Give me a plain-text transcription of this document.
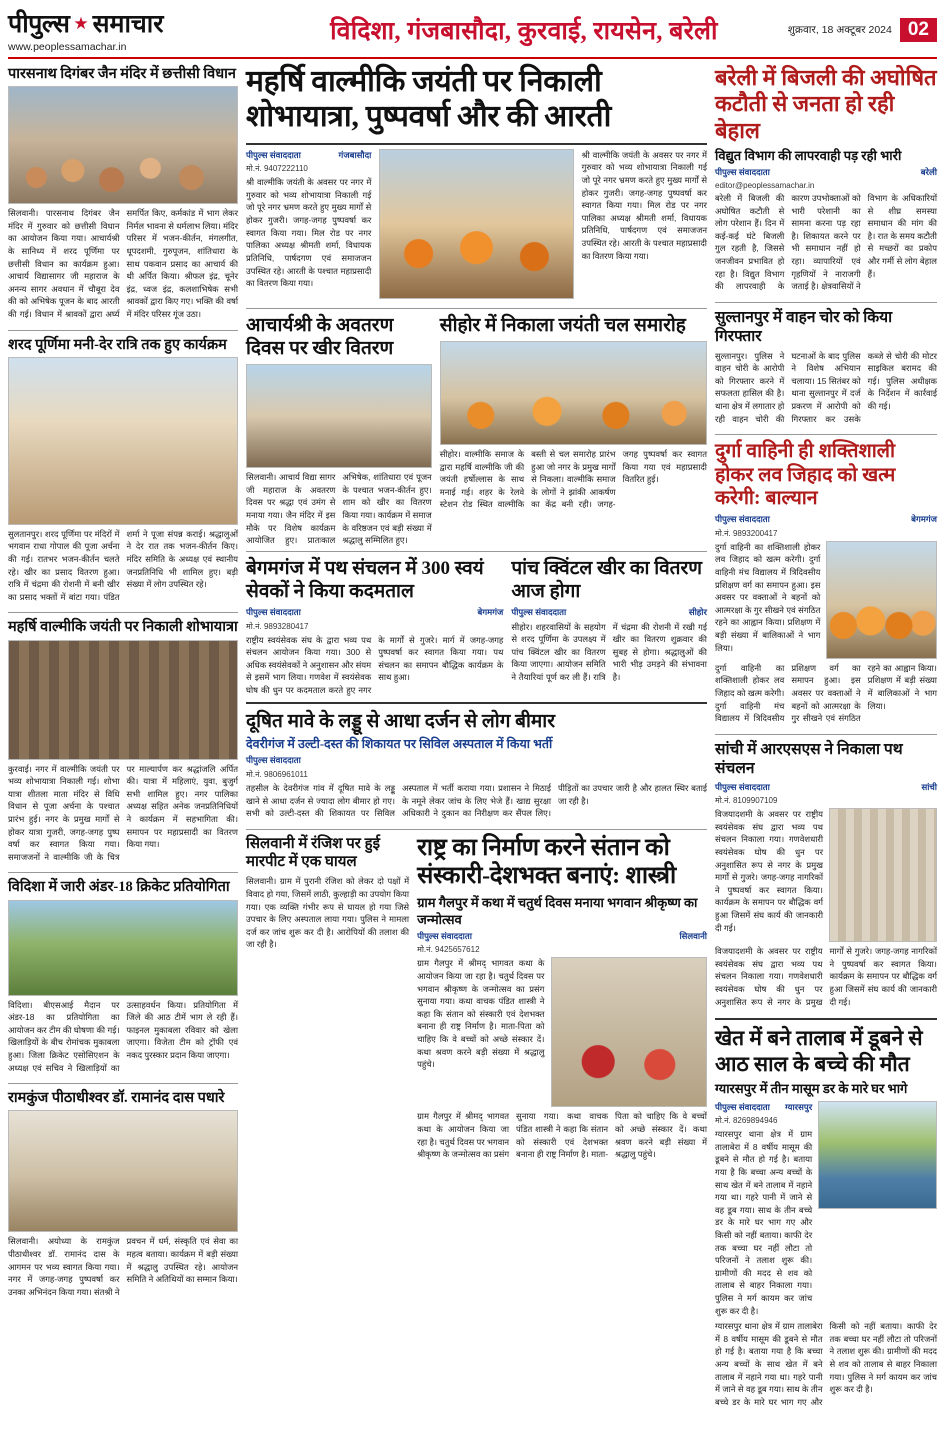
पीपुल्स ★ समाचार
www.peoplessamachar.in
विदिशा, गंजबासौदा, कुरवाई, रायसेन, बरेली	शुक्रवार, 18 अक्टूबर 2024 02
पारसनाथ दिगंबर जैन मंदिर में छत्तीसी विधान
सिलवानी। पारसनाथ दिगंबर जैन मंदिर में गुरुवार को छत्तीसी विधान का आयोजन किया गया। आचार्यश्री के सानिध्य में शरद पूर्णिमा पर छत्तीसी विधान का कार्यक्रम हुआ। आचार्य विद्यासागर जी महाराज के अनन्य सागर अवधान में चौबूरा देव की को अभिषेक पूजन के बाद आरती की गई। विधान में श्रावकों द्वारा अर्घ्य समर्पित किए, कर्मकांड में भाग लेकर निर्मल भावना से धर्मलाभ लिया। मंदिर परिसर में भजन-कीर्तन, मंगलगीत, धूपदशमी, गुरुपूजन, शांतिधारा के साथ पकवान प्रसाद का आचार्य की थी अर्पित किया। श्रीफल इंद्र, चूनेर इंद्र, ध्वज इंद्र, कलशाभिषेक सभी श्रावकों द्वारा किए गए। भक्ति की वर्षा में मंदिर परिसर गूंज उठा।
शरद पूर्णिमा मनी-देर रात्रि तक हुए कार्यक्रम
सुलतानपुर। शरद पूर्णिमा पर मंदिरों में भगवान राधा गोपाल की पूजा अर्चना की गई। रातभर भजन-कीर्तन चलते रहे। खीर का प्रसाद वितरण हुआ। रात्रि में चंद्रमा की रोशनी में बनी खीर का प्रसाद भक्तों में बांटा गया। पंडित शर्मा ने पूजा संपन्न कराई। श्रद्धालुओं ने देर रात तक भजन-कीर्तन किए। मंदिर समिति के अध्यक्ष एवं स्थानीय जनप्रतिनिधि भी शामिल हुए। बड़ी संख्या में लोग उपस्थित रहे।
महर्षि वाल्मीकि जयंती पर निकाली शोभायात्रा
कुरवाई। नगर में वाल्मीकि जयंती पर भव्य शोभायात्रा निकाली गई। शोभा यात्रा शीतला माता मंदिर से विधि विधान से पूजा अर्चना के पश्चात प्रारंभ हुई। नगर के प्रमुख मार्गों से होकर यात्रा गुजरी, जगह-जगह पुष्प वर्षा कर स्वागत किया गया। समाजजनों ने वाल्मीकि जी के चित्र पर माल्यार्पण कर श्रद्धांजलि अर्पित की। यात्रा में महिलाएं, युवा, बुजुर्ग सभी शामिल हुए। नगर पालिका अध्यक्ष सहित अनेक जनप्रतिनिधियों ने कार्यक्रम में सहभागिता की। समापन पर महाप्रसादी का वितरण किया गया।
विदिशा में जारी अंडर-18 क्रिकेट प्रतियोगिता
विदिशा। बीएसआई मैदान पर अंडर-18 का प्रतियोगिता का आयोजन कर टीम की घोषणा की गई। खिलाड़ियों के बीच रोमांचक मुकाबला हुआ। जिला क्रिकेट एसोसिएशन के अध्यक्ष एवं सचिव ने खिलाड़ियों का उत्साहवर्धन किया। प्रतियोगिता में जिले की आठ टीमें भाग ले रही हैं। फाइनल मुकाबला रविवार को खेला जाएगा। विजेता टीम को ट्रॉफी एवं नकद पुरस्कार प्रदान किया जाएगा।
रामकुंज पीठाधीश्वर डॉ. रामानंद दास पधारे
सिलवानी। अयोध्या के रामकुंज पीठाधीश्वर डॉ. रामानंद दास के आगमन पर भव्य स्वागत किया गया। नगर में जगह-जगह पुष्पवर्षा कर उनका अभिनंदन किया गया। संतश्री ने प्रवचन में धर्म, संस्कृति एवं सेवा का महत्व बताया। कार्यक्रम में बड़ी संख्या में श्रद्धालु उपस्थित रहे। आयोजन समिति ने अतिथियों का सम्मान किया।
महर्षि वाल्मीकि जयंती पर निकाली शोभायात्रा, पुष्पवर्षा और की आरती
पीपुल्स संवाददाता	गंजबासौदा
मो.नं. 9407222110
श्री वाल्मीकि जयंती के अवसर पर नगर में गुरुवार को भव्य शोभायात्रा निकाली गई जो पूरे नगर भ्रमण करते हुए मुख्य मार्गों से होकर गुजरी। जगह-जगह पुष्पवर्षा कर स्वागत किया गया। मिल रोड पर नगर पालिका अध्यक्ष श्रीमती शर्मा, विधायक प्रतिनिधि, पार्षदगण एवं समाजजन उपस्थित रहे। आरती के पश्चात महाप्रसादी का वितरण किया गया।
श्री वाल्मीकि जयंती के अवसर पर नगर में गुरुवार को भव्य शोभायात्रा निकाली गई जो पूरे नगर भ्रमण करते हुए मुख्य मार्गों से होकर गुजरी। जगह-जगह पुष्पवर्षा कर स्वागत किया गया। मिल रोड पर नगर पालिका अध्यक्ष श्रीमती शर्मा, विधायक प्रतिनिधि, पार्षदगण एवं समाजजन उपस्थित रहे। आरती के पश्चात महाप्रसादी का वितरण किया गया।
आचार्यश्री के अवतरण दिवस पर खीर वितरण
सिलवानी। आचार्य विद्या सागर जी महाराज के अवतरण दिवस पर श्रद्धा एवं उमंग से मनाया गया। जैन मंदिर में इस मौके पर विशेष कार्यक्रम आयोजित हुए। प्रातःकाल अभिषेक, शांतिधारा एवं पूजन के पश्चात भजन-कीर्तन हुए। शाम को खीर का वितरण किया गया। कार्यक्रम में समाज के वरिष्ठजन एवं बड़ी संख्या में श्रद्धालु सम्मिलित हुए।
सीहोर में निकाला जयंती चल समारोह
सीहोर। वाल्मीकि समाज के द्वारा महर्षि वाल्मीकि जी की जयंती हर्षोल्लास के साथ मनाई गई। शहर के रेलवे स्टेशन रोड स्थित वाल्मीकि बस्ती से चल समारोह प्रारंभ हुआ जो नगर के प्रमुख मार्गों से निकला। वाल्मीकि समाज के लोगों ने झांकी आकर्षण का केंद्र बनी रही। जगह-जगह पुष्पवर्षा कर स्वागत किया गया एवं महाप्रसादी वितरित हुई।
बेगमगंज में पथ संचलन में 300 स्वयं सेवकों ने किया कदमताल
पीपुल्स संवाददाता	बेगमगंज
मो.नं. 9893280417
राष्ट्रीय स्वयंसेवक संघ के द्वारा भव्य पथ संचलन आयोजन किया गया। 300 से अधिक स्वयंसेवकों ने अनुशासन और संयम से इसमें भाग लिया। गणवेश में स्वयंसेवक घोष की धुन पर कदमताल करते हुए नगर के मार्गों से गुजरे। मार्ग में जगह-जगह पुष्पवर्षा कर स्वागत किया गया। पथ संचलन का समापन बौद्धिक कार्यक्रम के साथ हुआ।
पांच क्विंटल खीर का वितरण आज होगा
पीपुल्स संवाददाता	सीहोर
सीहोर। शहरवासियों के सहयोग से शरद पूर्णिमा के उपलक्ष्य में पांच क्विंटल खीर का वितरण किया जाएगा। आयोजन समिति ने तैयारियां पूर्ण कर ली हैं। रात्रि में चंद्रमा की रोशनी में रखी गई खीर का वितरण शुक्रवार की सुबह से होगा। श्रद्धालुओं की भारी भीड़ उमड़ने की संभावना है।
दूषित मावे के लड्डू से आधा दर्जन से लोग बीमार
देवरीगंज में उल्टी-दस्त की शिकायत पर सिविल अस्पताल में किया भर्ती
पीपुल्स संवाददाता
मो.नं. 9806961011
तहसील के देवरीगंज गांव में दूषित मावे के लड्डू खाने से आधा दर्जन से ज्यादा लोग बीमार हो गए। सभी को उल्टी-दस्त की शिकायत पर सिविल अस्पताल में भर्ती कराया गया। प्रशासन ने मिठाई के नमूने लेकर जांच के लिए भेजे हैं। खाद्य सुरक्षा अधिकारी ने दुकान का निरीक्षण कर सैंपल लिए। पीड़ितों का उपचार जारी है और हालत स्थिर बताई जा रही है।
सिलवानी में रंजिश पर हुई मारपीट में एक घायल
सिलवानी। ग्राम में पुरानी रंजिश को लेकर दो पक्षों में विवाद हो गया, जिसमें लाठी, कुल्हाड़ी का उपयोग किया गया। एक व्यक्ति गंभीर रूप से घायल हो गया जिसे उपचार के लिए अस्पताल लाया गया। पुलिस ने मामला दर्ज कर जांच शुरू कर दी है। आरोपियों की तलाश की जा रही है।
राष्ट्र का निर्माण करने संतान को संस्कारी-देशभक्त बनाएं: शास्त्री
ग्राम गैलपुर में कथा में चतुर्थ दिवस मनाया भगवान श्रीकृष्ण का जन्मोत्सव
पीपुल्स संवाददाता	सिलवानी
मो.नं. 9425657612
ग्राम गैलपुर में श्रीमद् भागवत कथा के आयोजन किया जा रहा है। चतुर्थ दिवस पर भगवान श्रीकृष्ण के जन्मोत्सव का प्रसंग सुनाया गया। कथा वाचक पंडित शास्त्री ने कहा कि संतान को संस्कारी एवं देशभक्त बनाना ही राष्ट्र निर्माण है। माता-पिता को चाहिए कि वे बच्चों को अच्छे संस्कार दें। कथा श्रवण करने बड़ी संख्या में श्रद्धालु पहुंचे।
ग्राम गैलपुर में श्रीमद् भागवत कथा के आयोजन किया जा रहा है। चतुर्थ दिवस पर भगवान श्रीकृष्ण के जन्मोत्सव का प्रसंग सुनाया गया। कथा वाचक पंडित शास्त्री ने कहा कि संतान को संस्कारी एवं देशभक्त बनाना ही राष्ट्र निर्माण है। माता-पिता को चाहिए कि वे बच्चों को अच्छे संस्कार दें। कथा श्रवण करने बड़ी संख्या में श्रद्धालु पहुंचे।
बरेली में बिजली की अघोषित कटौती से जनता हो रही बेहाल
विद्युत विभाग की लापरवाही पड़ रही भारी
पीपुल्स संवाददाता	बरेली
editor@peoplessamachar.in
बरेली में बिजली की अघोषित कटौती से लोग परेशान हैं। दिन में कई-कई घंटे बिजली गुल रहती है, जिससे जनजीवन प्रभावित हो रहा है। विद्युत विभाग की लापरवाही के कारण उपभोक्ताओं को भारी परेशानी का सामना करना पड़ रहा है। शिकायत करने पर भी समाधान नहीं हो रहा। व्यापारियों एवं गृहणियों ने नाराजगी जताई है। क्षेत्रवासियों ने विभाग के अधिकारियों से शीघ्र समस्या समाधान की मांग की है। रात के समय कटौती से मच्छरों का प्रकोप और गर्मी से लोग बेहाल हैं।
सुल्तानपुर में वाहन चोर को किया गिरफ्तार
सुल्तानपुर। पुलिस ने वाहन चोरी के आरोपी को गिरफ्तार करने में सफलता हासिल की है। थाना क्षेत्र में लगातार हो रही वाहन चोरी की घटनाओं के बाद पुलिस ने विशेष अभियान चलाया। 15 सितंबर को थाना सुल्तानपुर में दर्ज प्रकरण में आरोपी को गिरफ्तार कर उसके कब्जे से चोरी की मोटर साइकिल बरामद की गई। पुलिस अधीक्षक के निर्देशन में कार्रवाई की गई।
दुर्गा वाहिनी ही शक्तिशाली होकर लव जिहाद को खत्म करेगी: बाल्यान
पीपुल्स संवाददाता	बेगमगंज
मो.नं. 9893200417
दुर्गा वाहिनी का शक्तिशाली होकर लव जिहाद को खत्म करेगी। दुर्गा वाहिनी मंच विद्यालय में त्रिदिवसीय प्रशिक्षण वर्ग का समापन हुआ। इस अवसर पर वक्ताओं ने बहनों को आत्मरक्षा के गुर सीखने एवं संगठित रहने का आह्वान किया। प्रशिक्षण में बड़ी संख्या में बालिकाओं ने भाग लिया।
दुर्गा वाहिनी का शक्तिशाली होकर लव जिहाद को खत्म करेगी। दुर्गा वाहिनी मंच विद्यालय में त्रिदिवसीय प्रशिक्षण वर्ग का समापन हुआ। इस अवसर पर वक्ताओं ने बहनों को आत्मरक्षा के गुर सीखने एवं संगठित रहने का आह्वान किया। प्रशिक्षण में बड़ी संख्या में बालिकाओं ने भाग लिया।
सांची में आरएसएस ने निकाला पथ संचलन
पीपुल्स संवाददाता	सांची
मो.नं. 8109907109
विजयादशमी के अवसर पर राष्ट्रीय स्वयंसेवक संघ द्वारा भव्य पथ संचलन निकाला गया। गणवेशधारी स्वयंसेवक घोष की धुन पर अनुशासित रूप से नगर के प्रमुख मार्गों से गुजरे। जगह-जगह नागरिकों ने पुष्पवर्षा कर स्वागत किया। कार्यक्रम के समापन पर बौद्धिक वर्ग हुआ जिसमें संघ कार्य की जानकारी दी गई।
विजयादशमी के अवसर पर राष्ट्रीय स्वयंसेवक संघ द्वारा भव्य पथ संचलन निकाला गया। गणवेशधारी स्वयंसेवक घोष की धुन पर अनुशासित रूप से नगर के प्रमुख मार्गों से गुजरे। जगह-जगह नागरिकों ने पुष्पवर्षा कर स्वागत किया। कार्यक्रम के समापन पर बौद्धिक वर्ग हुआ जिसमें संघ कार्य की जानकारी दी गई।
खेत में बने तालाब में डूबने से आठ साल के बच्चे की मौत
ग्यारसपुर में तीन मासूम डर के मारे घर भागे
पीपुल्स संवाददाता ग्यारसपुर
मो.नं. 8269894946
ग्यारसपुर थाना क्षेत्र में ग्राम तालाबेरा में 8 वर्षीय मासूम की डूबने से मौत हो गई है। बताया गया है कि बच्चा अन्य बच्चों के साथ खेत में बने तालाब में नहाने गया था। गहरे पानी में जाने से वह डूब गया। साथ के तीन बच्चे डर के मारे घर भाग गए और किसी को नहीं बताया। काफी देर तक बच्चा घर नहीं लौटा तो परिजनों ने तलाश शुरू की। ग्रामीणों की मदद से शव को तालाब से बाहर निकाला गया। पुलिस ने मर्ग कायम कर जांच शुरू कर दी है।
ग्यारसपुर थाना क्षेत्र में ग्राम तालाबेरा में 8 वर्षीय मासूम की डूबने से मौत हो गई है। बताया गया है कि बच्चा अन्य बच्चों के साथ खेत में बने तालाब में नहाने गया था। गहरे पानी में जाने से वह डूब गया। साथ के तीन बच्चे डर के मारे घर भाग गए और किसी को नहीं बताया। काफी देर तक बच्चा घर नहीं लौटा तो परिजनों ने तलाश शुरू की। ग्रामीणों की मदद से शव को तालाब से बाहर निकाला गया। पुलिस ने मर्ग कायम कर जांच शुरू कर दी है।
